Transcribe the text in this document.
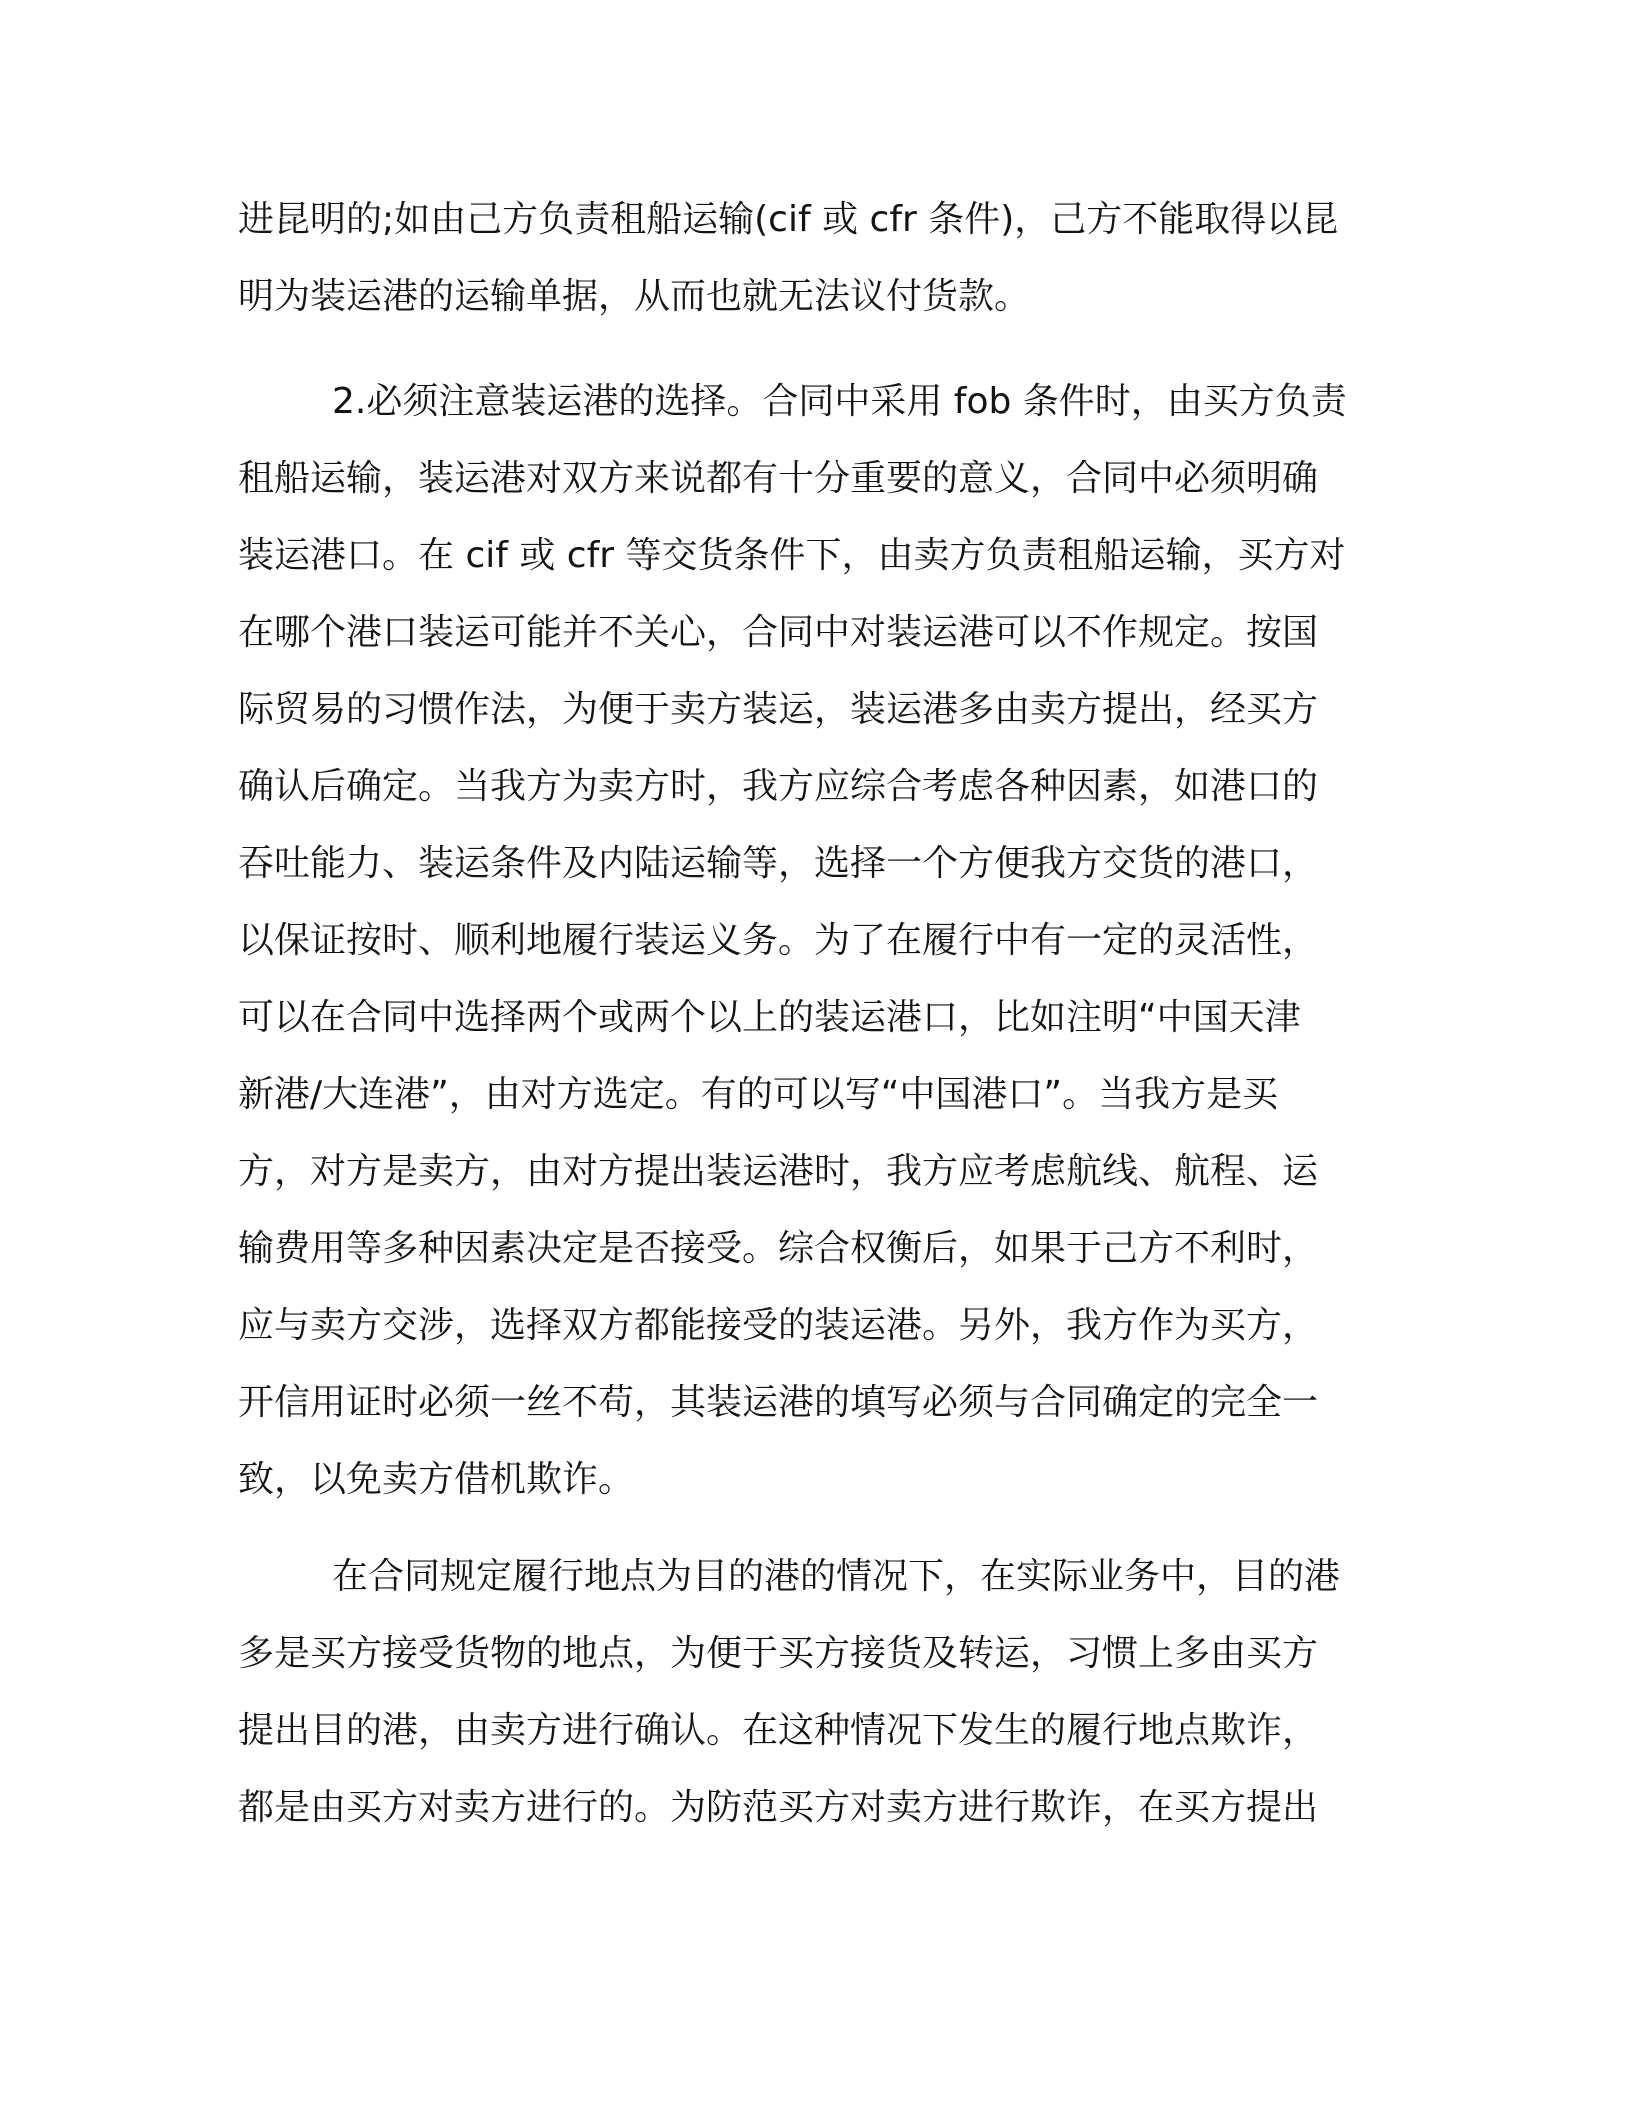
进昆明的;如由己方负责租船运输(cif 或 cfr 条件)，己方不能取得以昆
明为装运港的运输单据，从而也就无法议付货款。
2.必须注意装运港的选择。合同中采用 fob 条件时，由买方负责
租船运输，装运港对双方来说都有十分重要的意义，合同中必须明确
装运港口。在 cif 或 cfr 等交货条件下，由卖方负责租船运输，买方对
在哪个港口装运可能并不关心，合同中对装运港可以不作规定。按国
际贸易的习惯作法，为便于卖方装运，装运港多由卖方提出，经买方
确认后确定。当我方为卖方时，我方应综合考虑各种因素，如港口的
吞吐能力、装运条件及内陆运输等，选择一个方便我方交货的港口，
以保证按时、顺利地履行装运义务。为了在履行中有一定的灵活性，
可以在合同中选择两个或两个以上的装运港口，比如注明“中国天津
新港/大连港”，由对方选定。有的可以写“中国港口”。当我方是买
方，对方是卖方，由对方提出装运港时，我方应考虑航线、航程、运
输费用等多种因素决定是否接受。综合权衡后，如果于己方不利时，
应与卖方交涉，选择双方都能接受的装运港。另外，我方作为买方，
开信用证时必须一丝不苟，其装运港的填写必须与合同确定的完全一
致，以免卖方借机欺诈。
在合同规定履行地点为目的港的情况下，在实际业务中，目的港
多是买方接受货物的地点，为便于买方接货及转运，习惯上多由买方
提出目的港，由卖方进行确认。在这种情况下发生的履行地点欺诈，
都是由买方对卖方进行的。为防范买方对卖方进行欺诈，在买方提出
